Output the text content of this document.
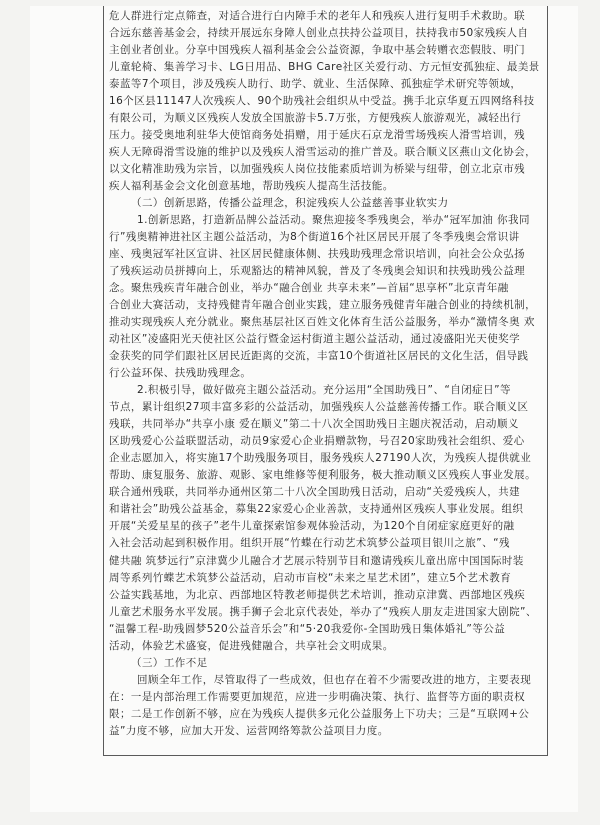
危人群进行定点筛查，对适合进行白内障手术的老年人和残疾人进行复明手术救助。联
合远东慈善基金会，持续开展远东身障人创业点扶持公益项目，扶持我市50家残疾人自
主创业者创业。分享中国残疾人福利基金会公益资源，争取中基会转赠衣恋假肢、明门
儿童轮椅、集善学习卡、LG日用品、BHG Care社区关爱行动、方元恒安孤独症、最美景
泰蓝等7个项目，涉及残疾人助行、助学、就业、生活保障、孤独症学术研究等领域，
16个区县11147人次残疾人、90个助残社会组织从中受益。携手北京华夏五四网络科技
有限公司，为顺义区残疾人发放全国旅游卡5.7万张，方便残疾人旅游观光，减轻出行
压力。接受奥地利驻华大使馆商务处捐赠，用于延庆石京龙滑雪场残疾人滑雪培训，残
疾人无障碍滑雪设施的维护以及残疾人滑雪运动的推广普及。联合顺义区燕山文化协会，
以文化精准助残为宗旨，以加强残疾人岗位技能素质培训为桥梁与纽带，创立北京市残
疾人福利基金会文化创意基地，帮助残疾人提高生活技能。
（二）创新思路，传播公益理念，积淀残疾人公益慈善事业软实力
1.创新思路，打造新品牌公益活动。聚焦迎接冬季残奥会，举办“冠军加油 你我同
行”残奥精神进社区主题公益活动，为8个街道16个社区居民开展了冬季残奥会常识讲
座、残奥冠军社区宣讲、社区居民健康体侧、扶残助残理念常识培训，向社会公众弘扬
了残疾运动员拼搏向上，乐观豁达的精神风貌，普及了冬残奥会知识和扶残助残公益理
念。聚焦残疾青年融合创业，举办“融合创业 共享未来”—首届“思享杯”北京青年融
合创业大赛活动，支持残健青年融合创业实践，建立服务残健青年融合创业的持续机制，
推动实现残疾人充分就业。聚焦基层社区百姓文化体育生活公益服务，举办“激情冬奥 欢
动社区”凌盛阳光天使社区公益行暨金运村街道主题公益活动，通过凌盛阳光天使奖学
金获奖的同学们跟社区居民近距离的交流，丰富10个街道社区居民的文化生活，倡导践
行公益环保、扶残助残理念。
2.积极引导，做好做亮主题公益活动。充分运用“全国助残日”、“自闭症日”等
节点，累计组织27项丰富多彩的公益活动，加强残疾人公益慈善传播工作。联合顺义区
残联，共同举办“共享小康 爱在顺义”第二十八次全国助残日主题庆祝活动，启动顺义
区助残爱心公益联盟活动，动员9家爱心企业捐赠款物，号召20家助残社会组织、爱心
企业志愿加入，将实施17个助残服务项目，服务残疾人27190人次，为残疾人提供就业
帮助、康复服务、旅游、观影、家电维修等便利服务，极大推动顺义区残疾人事业发展。
联合通州残联，共同举办通州区第二十八次全国助残日活动，启动“关爱残疾人，共建
和谐社会”助残公益基金，募集22家爱心企业善款，支持通州区残疾人事业发展。组织
开展“关爱星星的孩子”老牛儿童探索馆参观体验活动，为120个自闭症家庭更好的融
入社会活动起到积极作用。组织开展“竹蝶在行动艺术筑梦公益项目银川之旅”、“残
健共融 筑梦远行”京津冀少儿融合才艺展示特别节目和邀请残疾儿童出席中国国际时装
周等系列竹蝶艺术筑梦公益活动，启动市盲校“未来之星艺术团”，建立5个艺术教育
公益实践基地，为北京、西部地区特教老师提供艺术培训，推动京津冀、西部地区残疾
儿童艺术服务水平发展。携手狮子会北京代表处，举办了“残疾人朋友走进国家大剧院”、
“温馨工程-助残圆梦520公益音乐会”和“5·20我爱你-全国助残日集体婚礼”等公益
活动，体验艺术盛宴，促进残健融合，共享社会文明成果。
（三）工作不足
回顾全年工作，尽管取得了一些成效，但也存在着不少需要改进的地方，主要表现
在：一是内部治理工作需要更加规范，应进一步明确决策、执行、监督等方面的职责权
限；二是工作创新不够，应在为残疾人提供多元化公益服务上下功夫；三是“互联网+公
益”力度不够，应加大开发、运营网络筹款公益项目力度。
